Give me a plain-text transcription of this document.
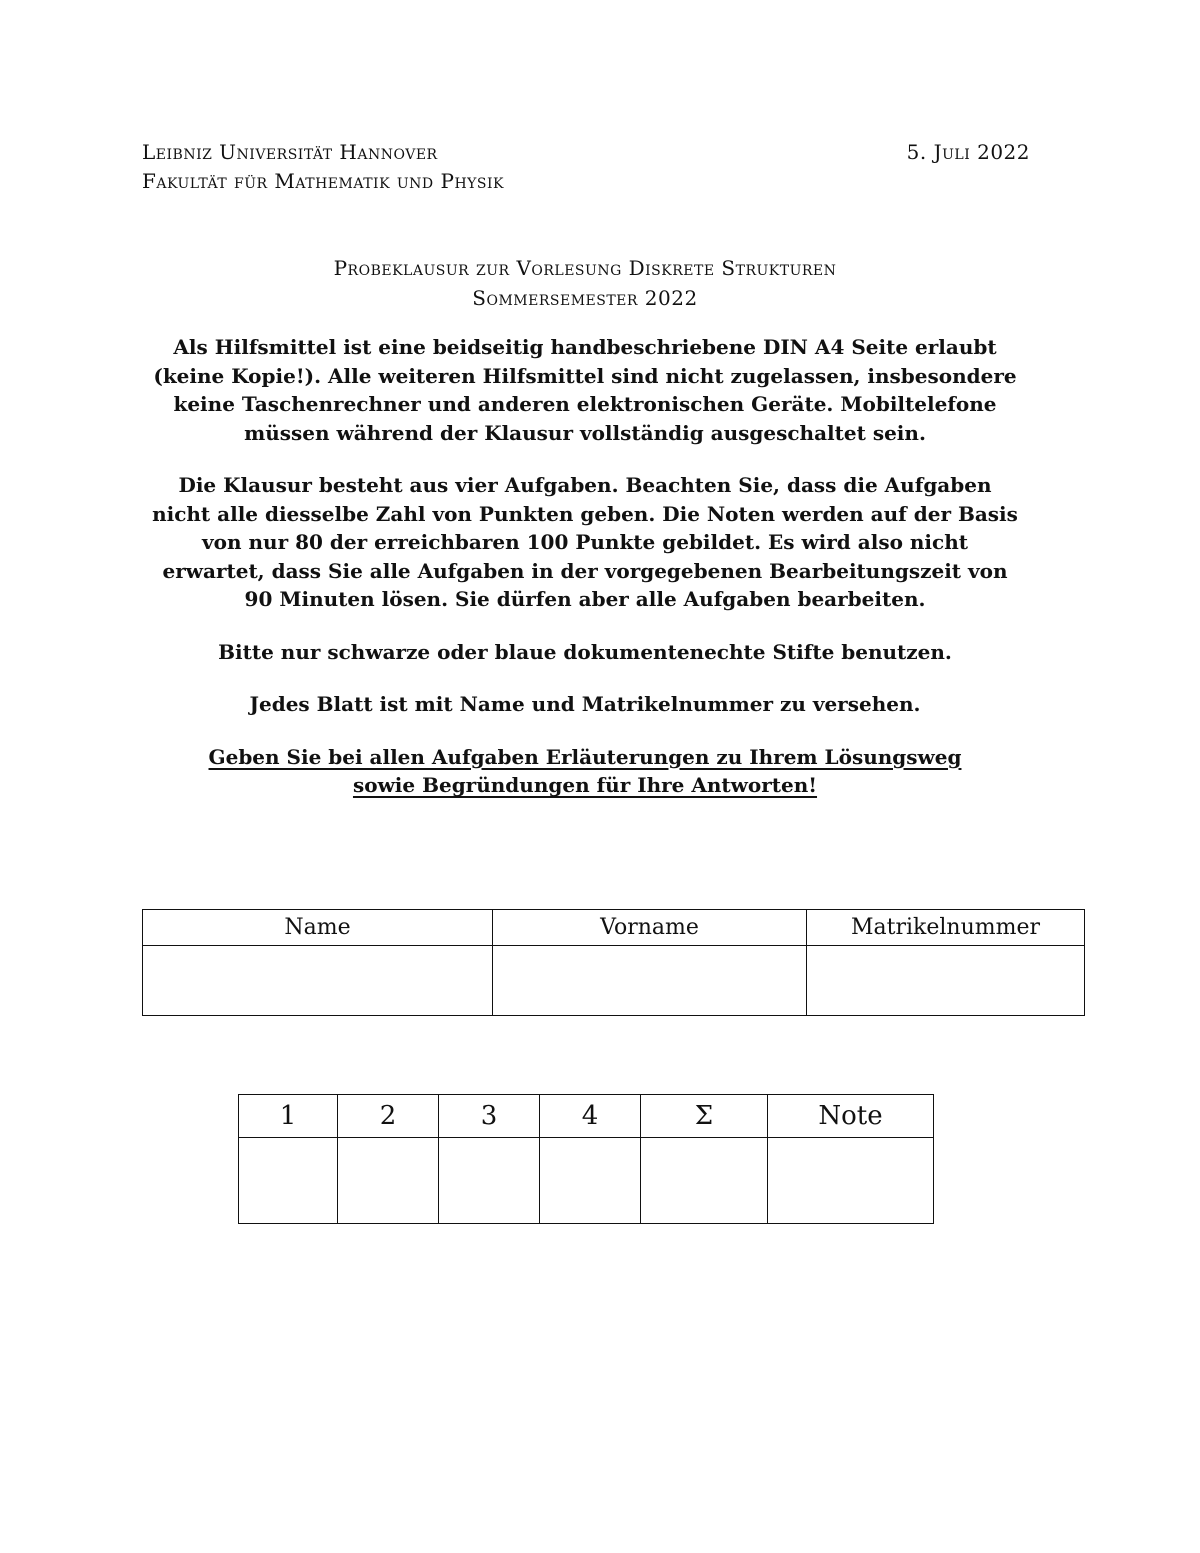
Leibniz Universität Hannover
Fakultät für Mathematik und Physik
5. Juli 2022
Probeklausur zur Vorlesung Diskrete Strukturen
Sommersemester 2022

Als Hilfsmittel ist eine beidseitig handbeschriebene DIN A4 Seite erlaubt
(keine Kopie!). Alle weiteren Hilfsmittel sind nicht zugelassen, insbesondere
keine Taschenrechner und anderen elektronischen Geräte. Mobiltelefone
müssen während der Klausur vollständig ausgeschaltet sein.

Die Klausur besteht aus vier Aufgaben. Beachten Sie, dass die Aufgaben
nicht alle diesselbe Zahl von Punkten geben. Die Noten werden auf der Basis
von nur 80 der erreichbaren 100 Punkte gebildet. Es wird also nicht
erwartet, dass Sie alle Aufgaben in der vorgegebenen Bearbeitungszeit von
90 Minuten lösen. Sie dürfen aber alle Aufgaben bearbeiten.

Bitte nur schwarze oder blaue dokumentenechte Stifte benutzen.

Jedes Blatt ist mit Name und Matrikelnummer zu versehen.

Geben Sie bei allen Aufgaben Erläuterungen zu Ihrem Lösungsweg
sowie Begründungen für Ihre Antworten!

Name	Vorname	Matrikelnummer

1	2	3	4	Σ	Note
